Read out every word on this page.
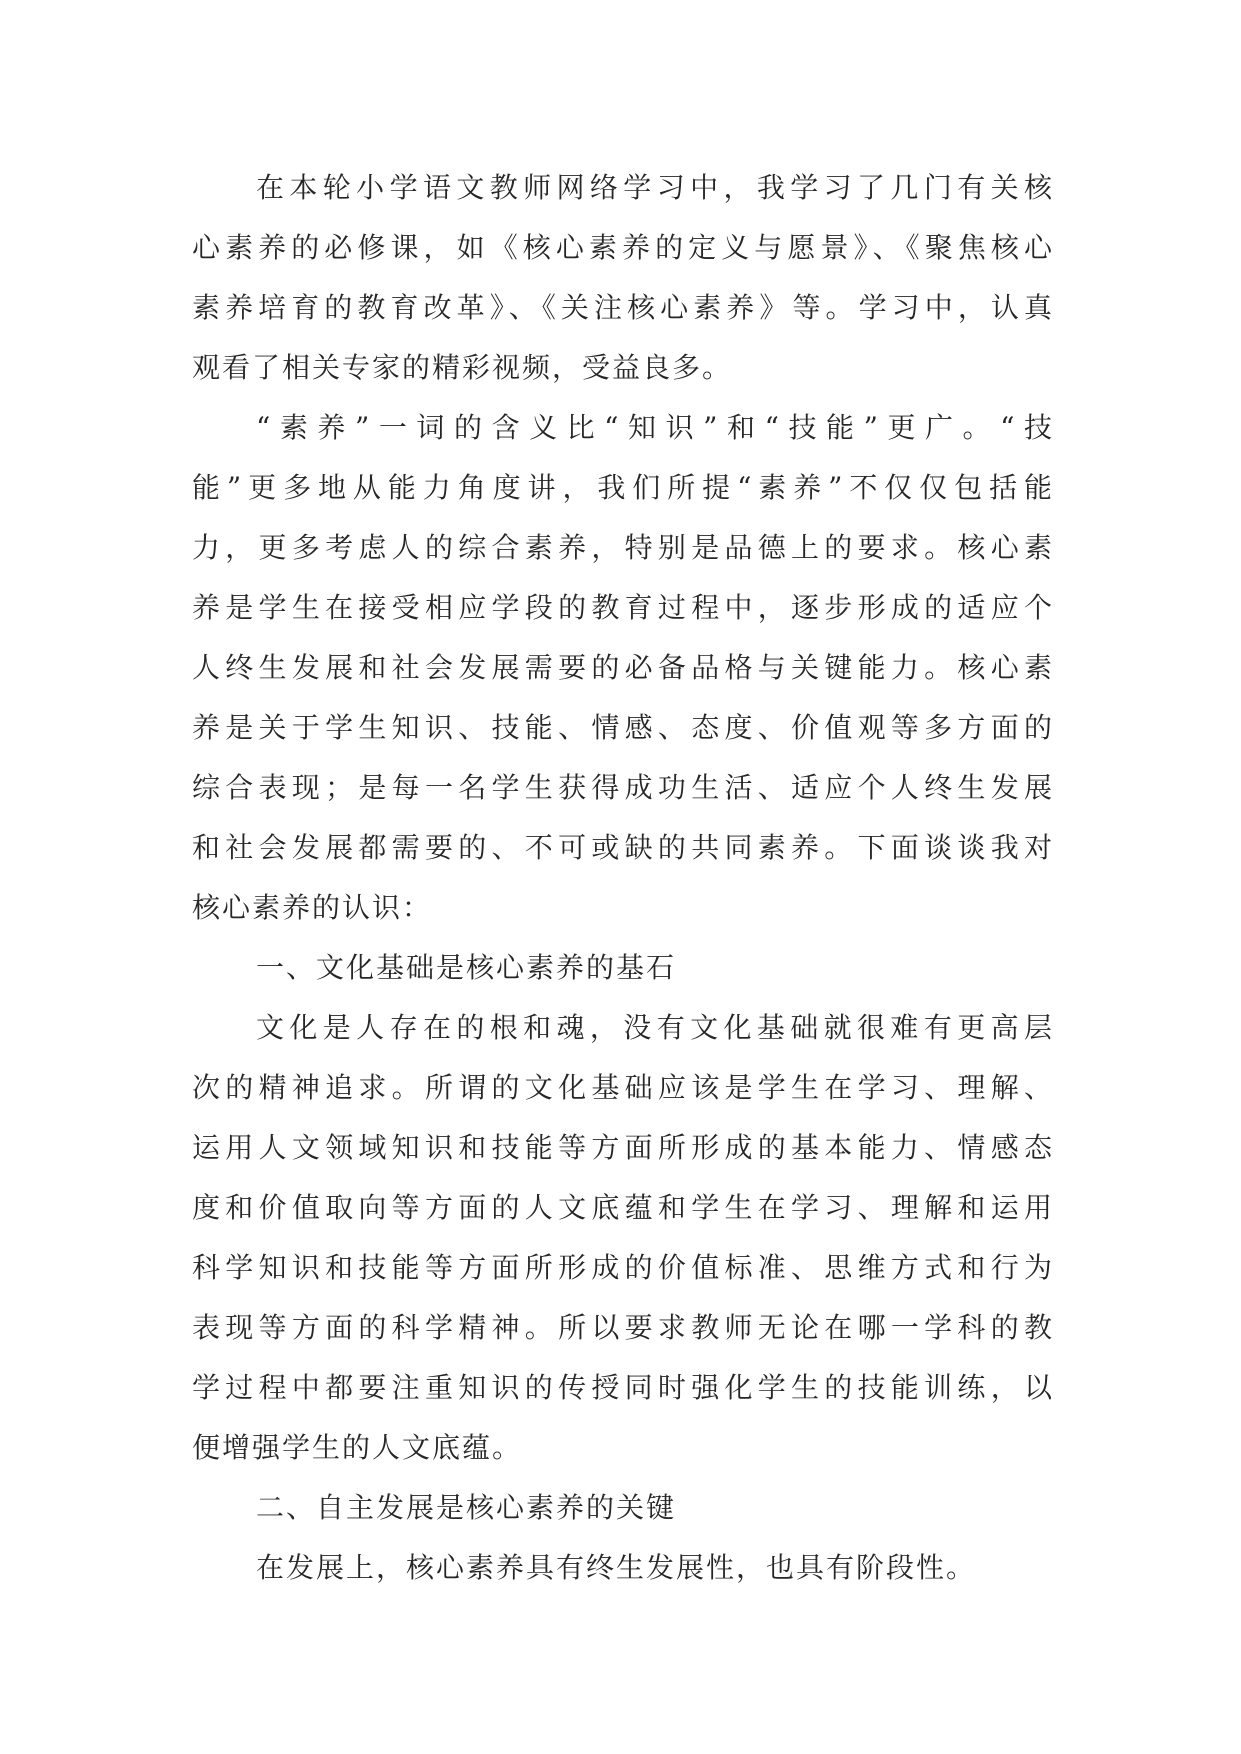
在本轮小学语文教师网络学习中，我学习了几门有关核
心素养的必修课，如《核心素养的定义与愿景》、《聚焦核心
素养培育的教育改革》、《关注核心素养》等。学习中，认真
观看了相关专家的精彩视频，受益良多。
“素养”一词的含义比“知识”和“技能”更广。“技
能”更多地从能力角度讲，我们所提“素养”不仅仅包括能
力，更多考虑人的综合素养，特别是品德上的要求。核心素
养是学生在接受相应学段的教育过程中，逐步形成的适应个
人终生发展和社会发展需要的必备品格与关键能力。核心素
养是关于学生知识、技能、情感、态度、价值观等多方面的
综合表现；是每一名学生获得成功生活、适应个人终生发展
和社会发展都需要的、不可或缺的共同素养。下面谈谈我对
核心素养的认识：
一、文化基础是核心素养的基石
文化是人存在的根和魂，没有文化基础就很难有更高层
次的精神追求。所谓的文化基础应该是学生在学习、理解、
运用人文领域知识和技能等方面所形成的基本能力、情感态
度和价值取向等方面的人文底蕴和学生在学习、理解和运用
科学知识和技能等方面所形成的价值标准、思维方式和行为
表现等方面的科学精神。所以要求教师无论在哪一学科的教
学过程中都要注重知识的传授同时强化学生的技能训练，以
便增强学生的人文底蕴。
二、自主发展是核心素养的关键
在发展上，核心素养具有终生发展性，也具有阶段性。
